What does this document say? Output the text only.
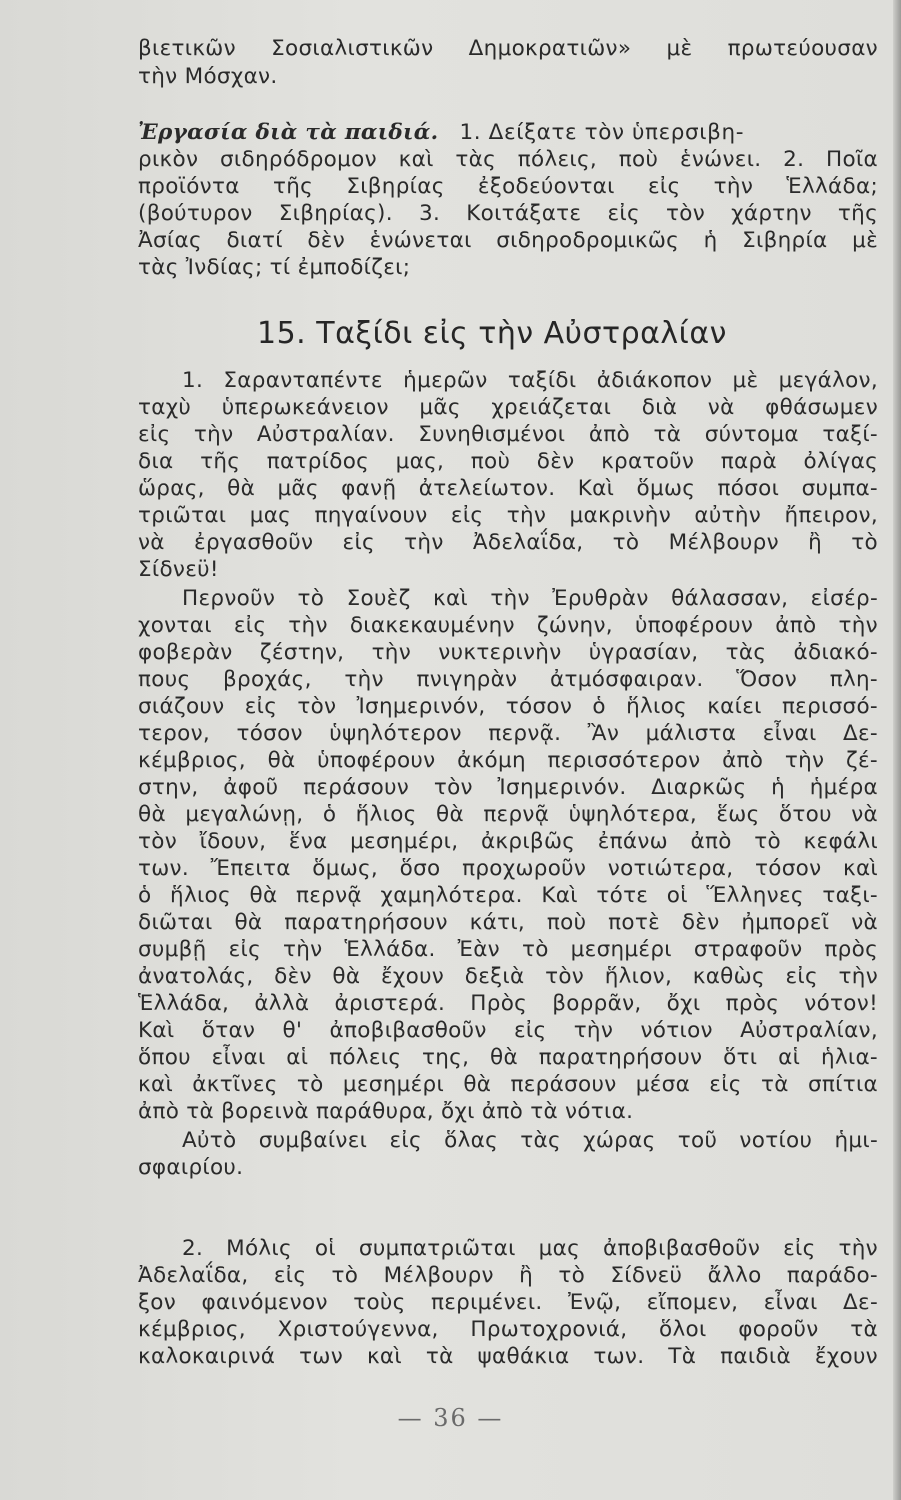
βιετικῶν Σοσιαλιστικῶν Δημοκρατιῶν» μὲ πρωτεύουσαν
τὴν Μόσχαν.
Ἐργασία διὰ τὰ παιδιά. 1. Δείξατε τὸν ὑπερσιβη-
ρικὸν σιδηρόδρομον καὶ τὰς πόλεις, ποὺ ἑνώνει. 2. Ποῖα
προϊόντα τῆς Σιβηρίας ἐξοδεύονται εἰς τὴν Ἑλλάδα;
(βούτυρον Σιβηρίας). 3. Κοιτάξατε εἰς τὸν χάρτην τῆς
Ἀσίας διατί δὲν ἑνώνεται σιδηροδρομικῶς ἡ Σιβηρία μὲ
τὰς Ἰνδίας; τί ἐμποδίζει;
15. Ταξίδι εἰς τὴν Αὐστραλίαν
1. Σαρανταπέντε ἡμερῶν ταξίδι ἀδιάκοπον μὲ μεγάλον,
ταχὺ ὑπερωκεάνειον μᾶς χρειάζεται διὰ νὰ φθάσωμεν
εἰς τὴν Αὐστραλίαν. Συνηθισμένοι ἀπὸ τὰ σύντομα ταξί-
δια τῆς πατρίδος μας, ποὺ δὲν κρατοῦν παρὰ ὀλίγας
ὥρας, θὰ μᾶς φανῇ ἀτελείωτον. Καὶ ὅμως πόσοι συμπα-
τριῶται μας πηγαίνουν εἰς τὴν μακρινὴν αὐτὴν ἤπειρον,
νὰ ἐργασθοῦν εἰς τὴν Ἀδελαΐδα, τὸ Μέλβουρν ἢ τὸ
Σίδνεϋ!
Περνοῦν τὸ Σουὲζ καὶ τὴν Ἐρυθρὰν θάλασσαν, εἰσέρ-
χονται εἰς τὴν διακεκαυμένην ζώνην, ὑποφέρουν ἀπὸ τὴν
φοβερὰν ζέστην, τὴν νυκτερινὴν ὑγρασίαν, τὰς ἀδιακό-
πους βροχάς, τὴν πνιγηρὰν ἀτμόσφαιραν. Ὅσον πλη-
σιάζουν εἰς τὸν Ἰσημερινόν, τόσον ὁ ἥλιος καίει περισσό-
τερον, τόσον ὑψηλότερον περνᾷ. Ἂν μάλιστα εἶναι Δε-
κέμβριος, θὰ ὑποφέρουν ἀκόμη περισσότερον ἀπὸ τὴν ζέ-
στην, ἀφοῦ περάσουν τὸν Ἰσημερινόν. Διαρκῶς ἡ ἡμέρα
θὰ μεγαλώνῃ, ὁ ἥλιος θὰ περνᾷ ὑψηλότερα, ἕως ὅτου νὰ
τὸν ἴδουν, ἕνα μεσημέρι, ἀκριβῶς ἐπάνω ἀπὸ τὸ κεφάλι
των. Ἔπειτα ὅμως, ὅσο προχωροῦν νοτιώτερα, τόσον καὶ
ὁ ἥλιος θὰ περνᾷ χαμηλότερα. Καὶ τότε οἱ Ἕλληνες ταξι-
διῶται θὰ παρατηρήσουν κάτι, ποὺ ποτὲ δὲν ἠμπορεῖ νὰ
συμβῇ εἰς τὴν Ἑλλάδα. Ἐὰν τὸ μεσημέρι στραφοῦν πρὸς
ἀνατολάς, δὲν θὰ ἔχουν δεξιὰ τὸν ἥλιον, καθὼς εἰς τὴν
Ἑλλάδα, ἀλλὰ ἀριστερά. Πρὸς βορρᾶν, ὄχι πρὸς νότον!
Καὶ ὅταν θ' ἀποβιβασθοῦν εἰς τὴν νότιον Αὐστραλίαν,
ὅπου εἶναι αἱ πόλεις της, θὰ παρατηρήσουν ὅτι αἱ ἡλια-
καὶ ἀκτῖνες τὸ μεσημέρι θὰ περάσουν μέσα εἰς τὰ σπίτια
ἀπὸ τὰ βορεινὰ παράθυρα, ὄχι ἀπὸ τὰ νότια.
Αὐτὸ συμβαίνει εἰς ὅλας τὰς χώρας τοῦ νοτίου ἡμι-
σφαιρίου.
2. Μόλις οἱ συμπατριῶται μας ἀποβιβασθοῦν εἰς τὴν
Ἀδελαΐδα, εἰς τὸ Μέλβουρν ἢ τὸ Σίδνεϋ ἄλλο παράδο-
ξον φαινόμενον τοὺς περιμένει. Ἐνῷ, εἴπομεν, εἶναι Δε-
κέμβριος, Χριστούγεννα, Πρωτοχρονιά, ὅλοι φοροῦν τὰ
καλοκαιρινά των καὶ τὰ ψαθάκια των. Τὰ παιδιὰ ἔχουν
— 36 —
